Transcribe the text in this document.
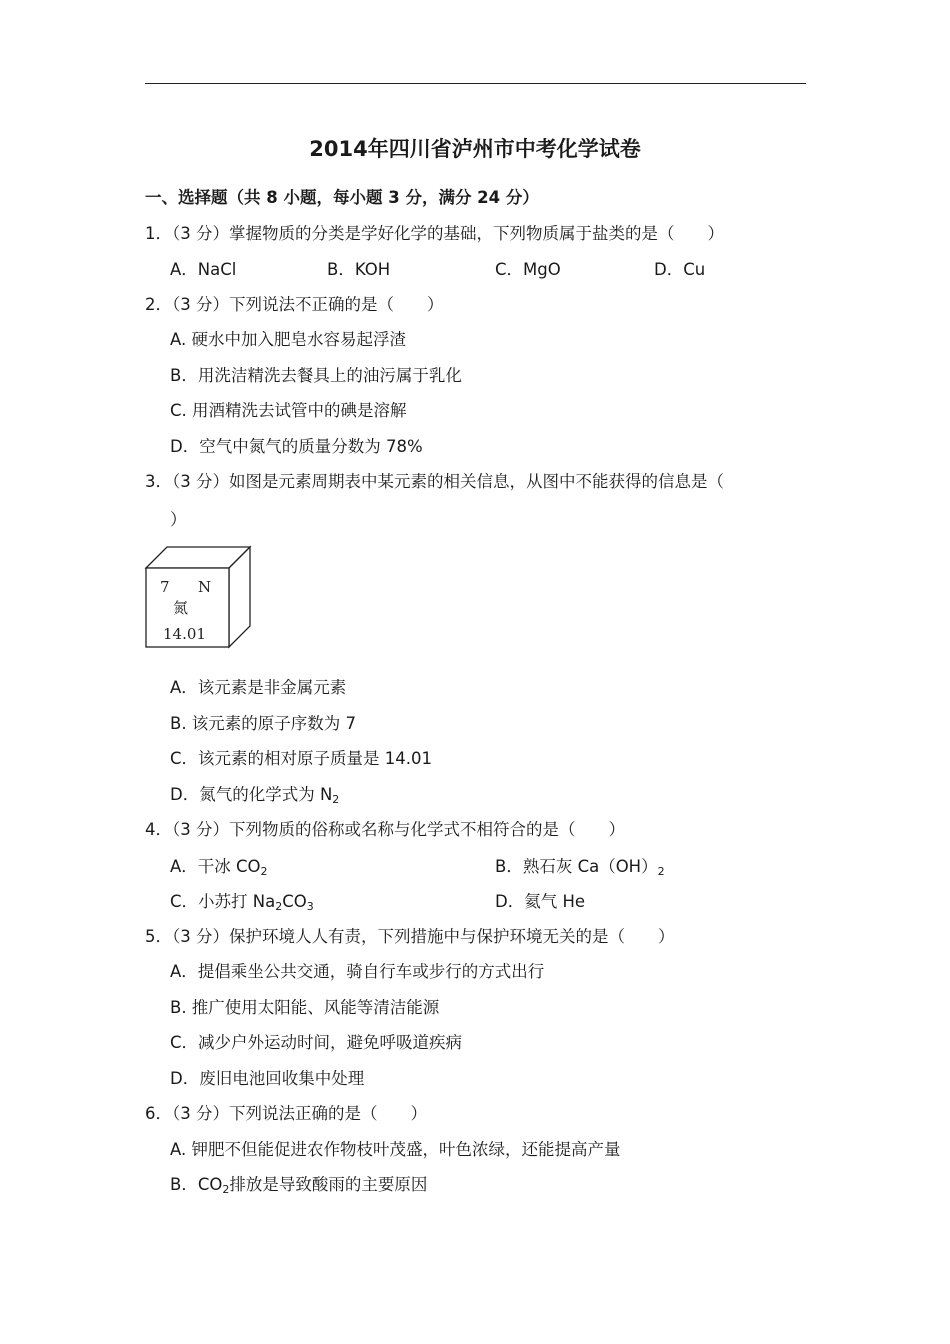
2014年四川省泸州市中考化学试卷
一、选择题（共 8 小题，每小题 3 分，满分 24 分）
1．（3 分）掌握物质的分类是学好化学的基础，下列物质属于盐类的是（　　）
A．NaCl	B．KOH	C．MgO	D．Cu
2．（3 分）下列说法不正确的是（　　）
A. 硬水中加入肥皂水容易起浮渣
B．用洗洁精洗去餐具上的油污属于乳化
C. 用酒精洗去试管中的碘是溶解
D．空气中氮气的质量分数为 78%
3．（3 分）如图是元素周期表中某元素的相关信息，从图中不能获得的信息是（
）
7 N
氮
14.01
A．该元素是非金属元素
B. 该元素的原子序数为 7
C．该元素的相对原子质量是 14.01
D．氮气的化学式为 $N_2$
4．（3 分）下列物质的俗称或名称与化学式不相符合的是（　　）
A．干冰 $CO_2$	B．熟石灰 $Ca(OH)_2$
C．小苏打 $Na_2CO_3$	D．氦气 He
5．（3 分）保护环境人人有责，下列措施中与保护环境无关的是（　　）
A．提倡乘坐公共交通，骑自行车或步行的方式出行
B. 推广使用太阳能、风能等清洁能源
C．减少户外运动时间，避免呼吸道疾病
D．废旧电池回收集中处理
6．（3 分）下列说法正确的是（　　）
A. 钾肥不但能促进农作物枝叶茂盛，叶色浓绿，还能提高产量
B．$CO_2$排放是导致酸雨的主要原因
